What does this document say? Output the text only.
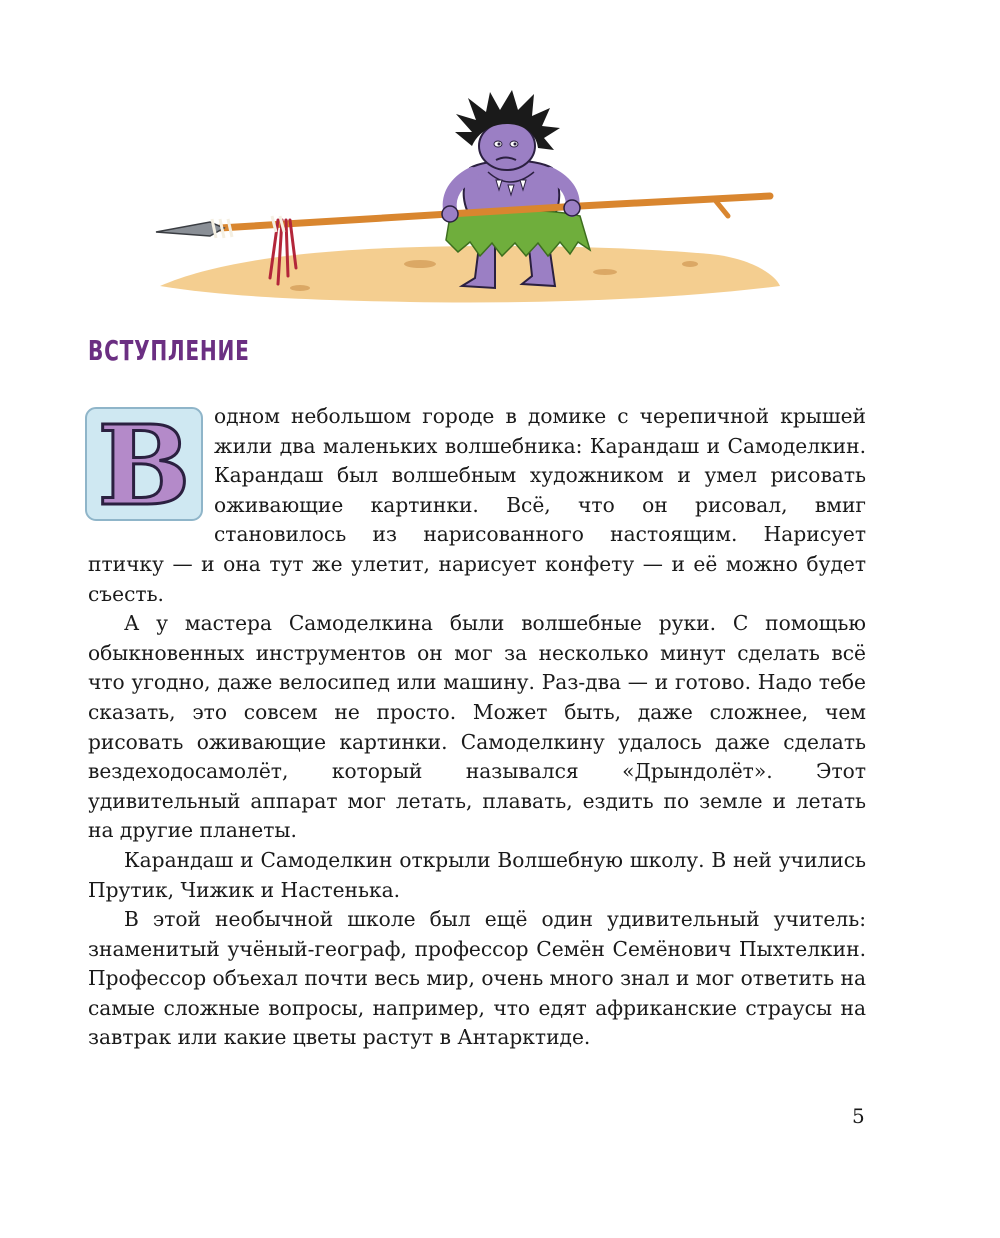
ВСТУПЛЕНИЕ

В одном небольшом городе в домике с черепичной крышей жили два маленьких волшебника: Карандаш и Самоделкин. Карандаш был волшебным художником и умел рисовать оживающие картинки. Всё, что он рисовал, вмиг становилось из нарисованного настоящим. Нарисует птичку — и она тут же улетит, нарисует конфету — и её можно будет съесть.

А у мастера Самоделкина были волшебные руки. С помощью обыкновенных инструментов он мог за несколько минут сделать всё что угодно, даже велосипед или машину. Раз-два — и готово. Надо тебе сказать, это совсем не просто. Может быть, даже сложнее, чем рисовать оживающие картинки. Самоделкину удалось даже сделать вездеходосамолёт, который назывался «Дрындолёт». Этот удивительный аппарат мог летать, плавать, ездить по земле и летать на другие планеты.

Карандаш и Самоделкин открыли Волшебную школу. В ней учились Прутик, Чижик и Настенька.

В этой необычной школе был ещё один удивительный учитель: знаменитый учёный-географ, профессор Семён Семёнович Пыхтелкин. Профессор объехал почти весь мир, очень много знал и мог ответить на самые сложные вопросы, например, что едят африканские страусы на завтрак или какие цветы растут в Антарктиде.

5
